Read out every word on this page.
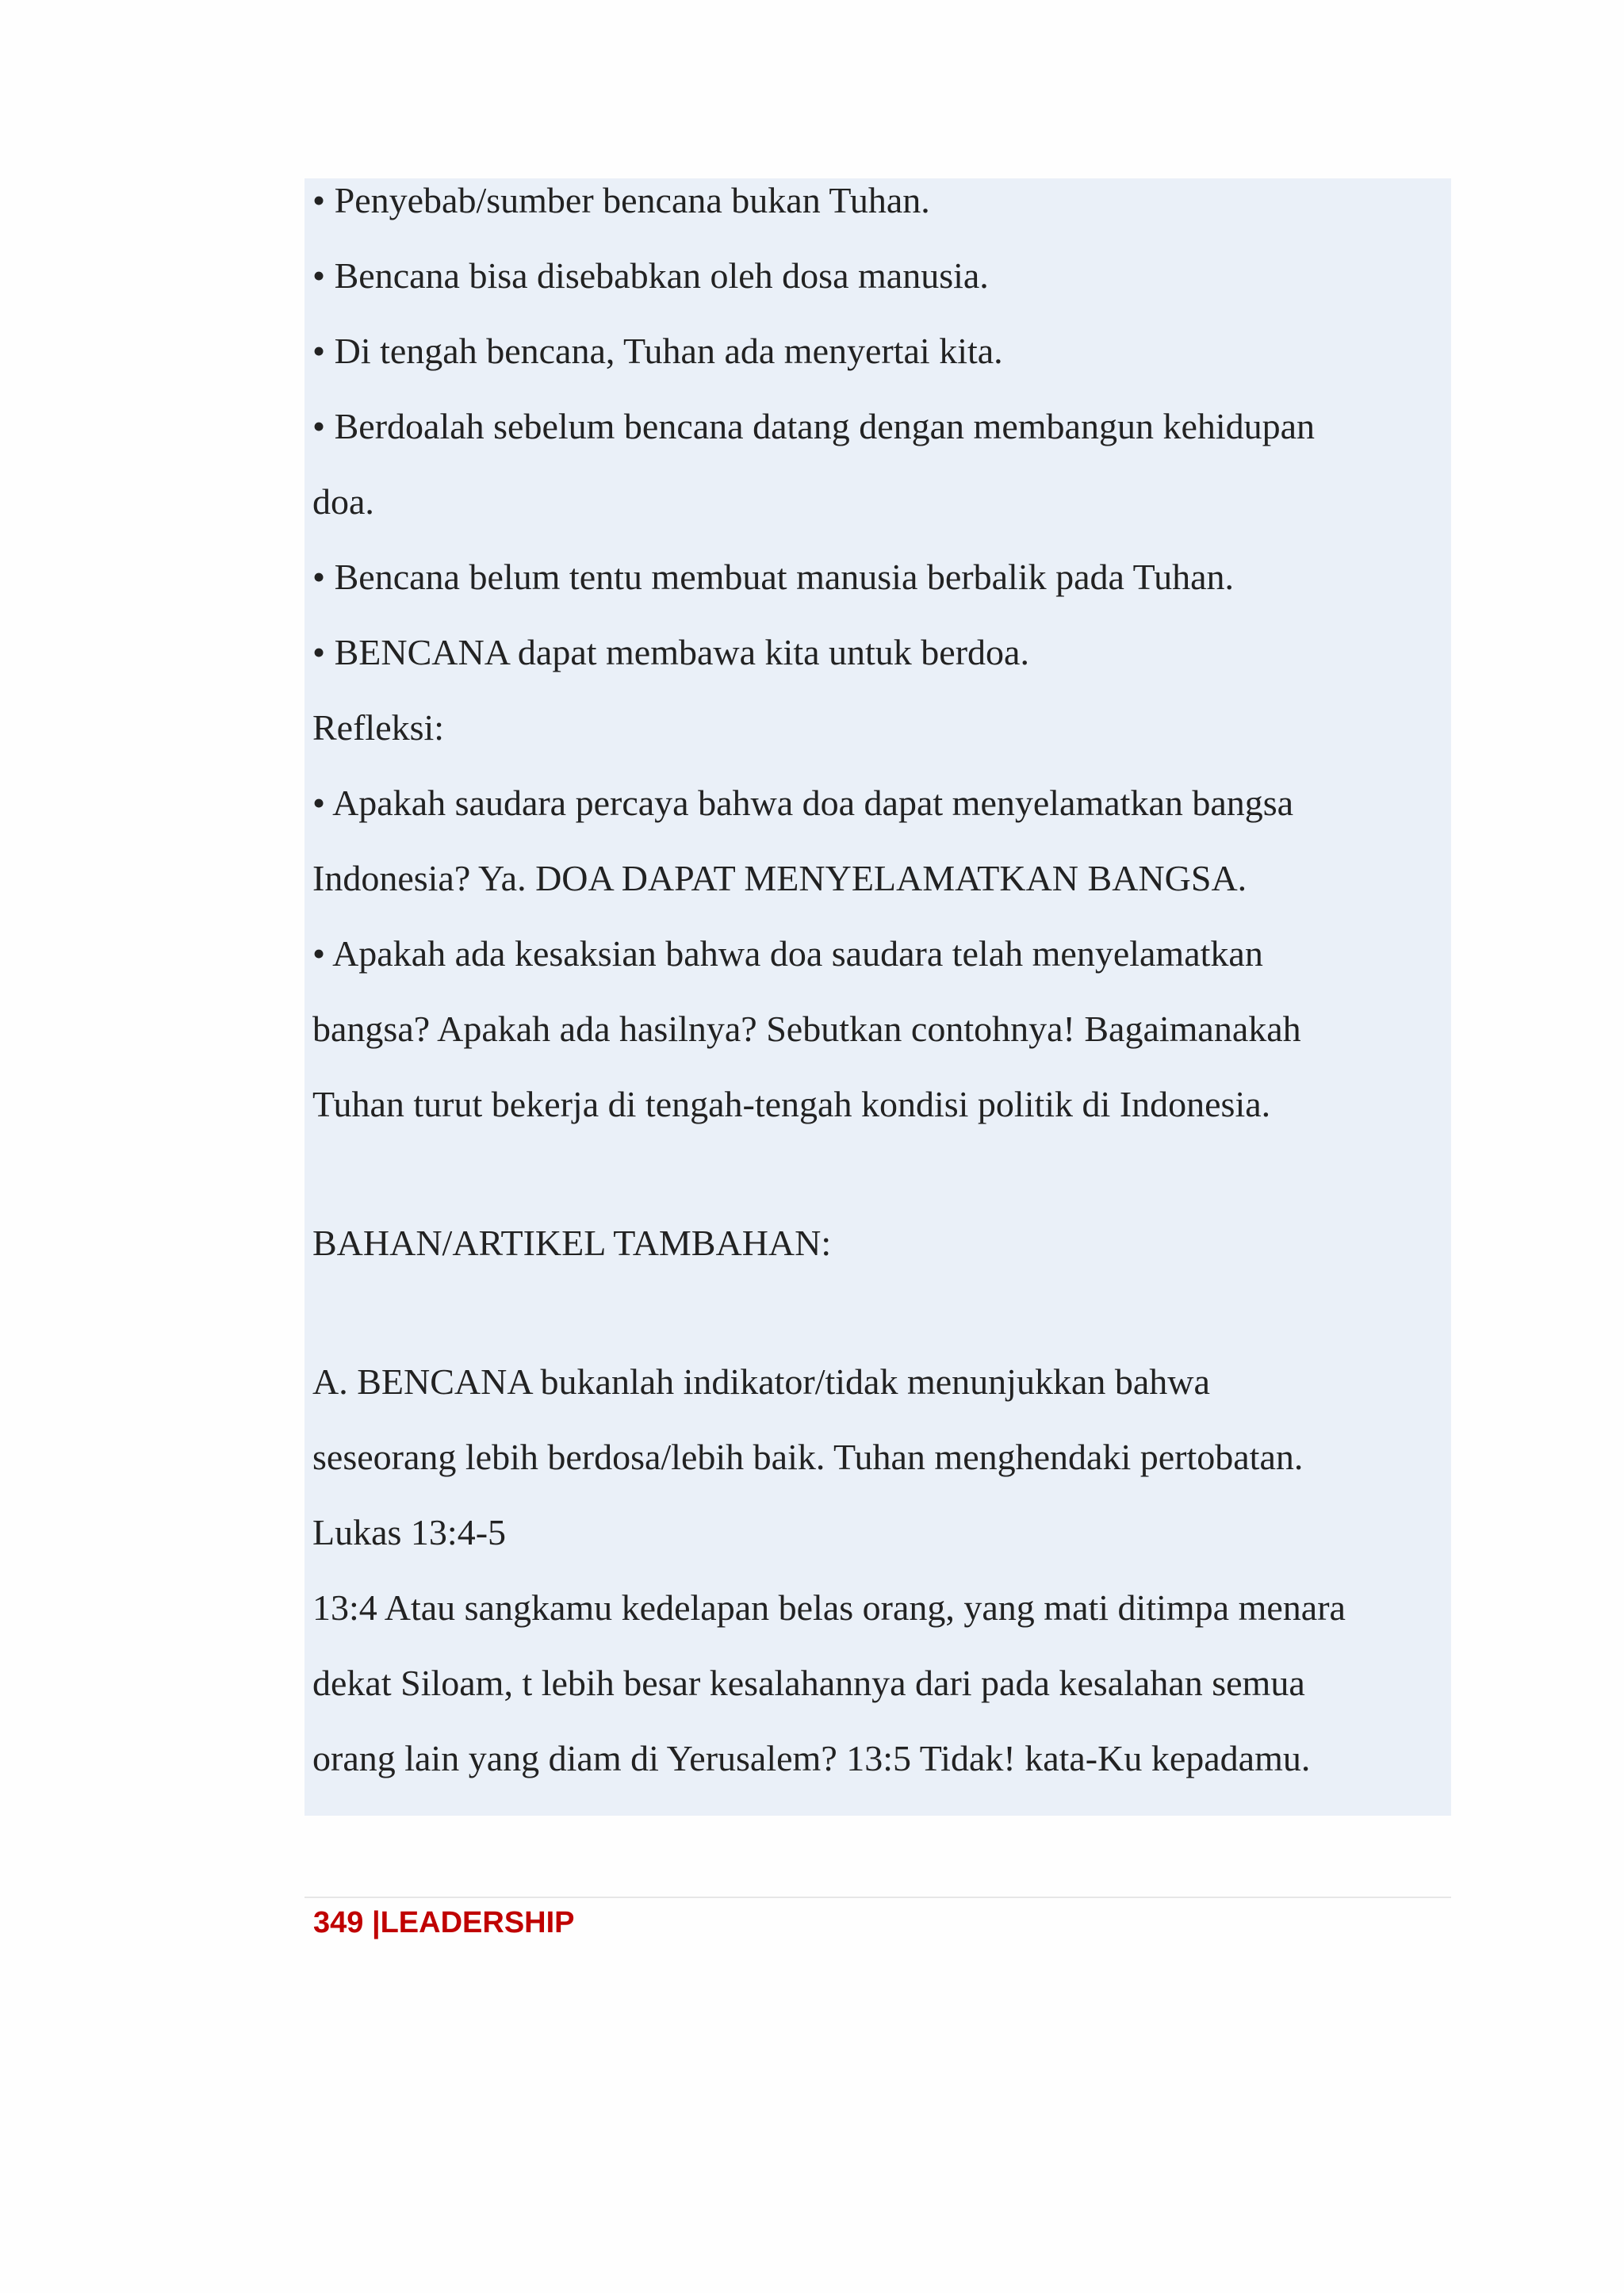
• Penyebab/sumber bencana bukan Tuhan.

• Bencana bisa disebabkan oleh dosa manusia.

• Di tengah bencana, Tuhan ada menyertai kita.

• Berdoalah sebelum bencana datang dengan membangun kehidupan

doa.

• Bencana belum tentu membuat manusia berbalik pada Tuhan.

• BENCANA dapat membawa kita untuk berdoa.

Refleksi:

• Apakah saudara percaya bahwa doa dapat menyelamatkan bangsa

Indonesia? Ya. DOA DAPAT MENYELAMATKAN BANGSA.

• Apakah ada kesaksian bahwa doa saudara telah menyelamatkan

bangsa? Apakah ada hasilnya? Sebutkan contohnya! Bagaimanakah

Tuhan turut bekerja di tengah-tengah kondisi politik di Indonesia.

BAHAN/ARTIKEL TAMBAHAN:

A. BENCANA bukanlah indikator/tidak menunjukkan bahwa

seseorang lebih berdosa/lebih baik. Tuhan menghendaki pertobatan.

Lukas 13:4-5

13:4 Atau sangkamu kedelapan belas orang, yang mati ditimpa menara

dekat Siloam, t lebih besar kesalahannya dari pada kesalahan semua

orang lain yang diam di Yerusalem? 13:5 Tidak! kata-Ku kepadamu.

349 |LEADERSHIP
